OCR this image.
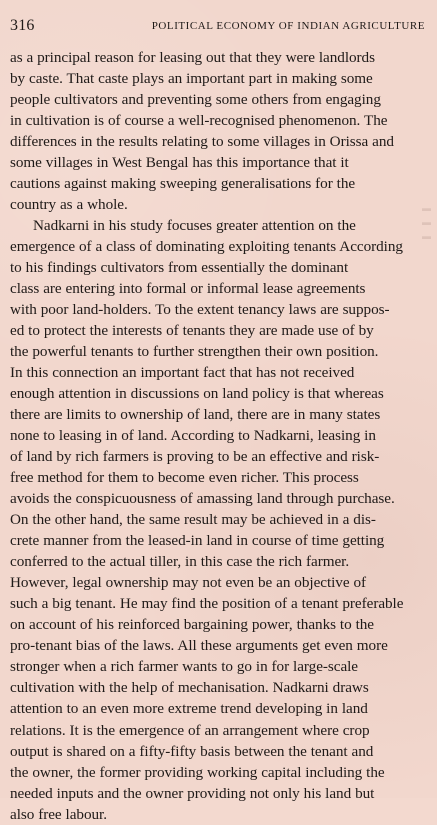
316	POLITICAL ECONOMY OF INDIAN AGRICULTURE
as a principal reason for leasing out that they were landlords
by caste. That caste plays an important part in making some
people cultivators and preventing some others from engaging
in cultivation is of course a well-recognised phenomenon. The
differences in the results relating to some villages in Orissa and
some villages in West Bengal has this importance that it
cautions against making sweeping generalisations for the
country as a whole.
Nadkarni in his study focuses greater attention on the
emergence of a class of dominating exploiting tenants According
to his findings cultivators from essentially the dominant
class are entering into formal or informal lease agreements
with poor land-holders. To the extent tenancy laws are suppos-
ed to protect the interests of tenants they are made use of by
the powerful tenants to further strengthen their own position.
In this connection an important fact that has not received
enough attention in discussions on land policy is that whereas
there are limits to ownership of land, there are in many states
none to leasing in of land. According to Nadkarni, leasing in
of land by rich farmers is proving to be an effective and risk-
free method for them to become even richer. This process
avoids the conspicuousness of amassing land through purchase.
On the other hand, the same result may be achieved in a dis-
crete manner from the leased-in land in course of time getting
conferred to the actual tiller, in this case the rich farmer.
However, legal ownership may not even be an objective of
such a big tenant. He may find the position of a tenant preferable
on account of his reinforced bargaining power, thanks to the
pro-tenant bias of the laws. All these arguments get even more
stronger when a rich farmer wants to go in for large-scale
cultivation with the help of mechanisation. Nadkarni draws
attention to an even more extreme trend developing in land
relations. It is the emergence of an arrangement where crop
output is shared on a fifty-fifty basis between the tenant and
the owner, the former providing working capital including the
needed inputs and the owner providing not only his land but
also free labour.
▬
▬
▬
